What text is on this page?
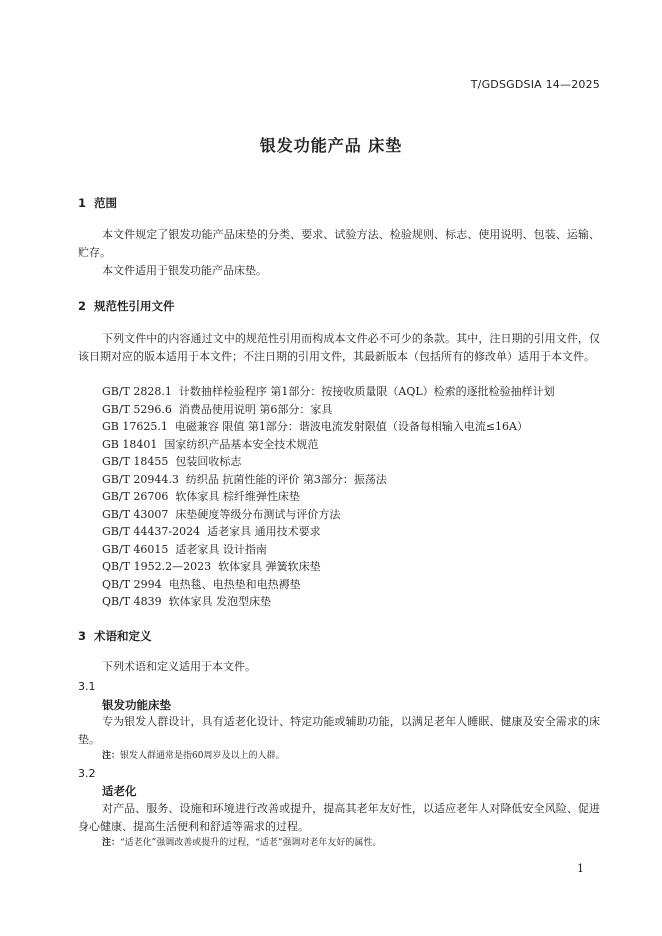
T/GDSGDSIA 14—2025
银发功能产品 床垫
1 范围
本文件规定了银发功能产品床垫的分类、要求、试验方法、检验规则、标志、使用说明、包装、运输、贮存。
本文件适用于银发功能产品床垫。
2 规范性引用文件
下列文件中的内容通过文中的规范性引用而构成本文件必不可少的条款。其中，注日期的引用文件，仅该日期对应的版本适用于本文件；不注日期的引用文件，其最新版本（包括所有的修改单）适用于本文件。
GB/T 2828.1  计数抽样检验程序 第1部分：按接收质量限（AQL）检索的逐批检验抽样计划
GB/T 5296.6  消费品使用说明 第6部分：家具
GB 17625.1  电磁兼容 限值 第1部分：谐波电流发射限值（设备每相输入电流≤16A）
GB 18401  国家纺织产品基本安全技术规范
GB/T 18455  包装回收标志
GB/T 20944.3  纺织品 抗菌性能的评价 第3部分：振荡法
GB/T 26706  软体家具 棕纤维弹性床垫
GB/T 43007  床垫硬度等级分布测试与评价方法
GB/T 44437-2024  适老家具 通用技术要求
GB/T 46015  适老家具 设计指南
QB/T 1952.2—2023  软体家具 弹簧软床垫
QB/T 2994  电热毯、电热垫和电热褥垫
QB/T 4839  软体家具 发泡型床垫
3 术语和定义
下列术语和定义适用于本文件。
3.1
银发功能床垫
专为银发人群设计，具有适老化设计、特定功能或辅助功能，以满足老年人睡眠、健康及安全需求的床垫。
注：银发人群通常是指60周岁及以上的人群。
3.2
适老化
对产品、服务、设施和环境进行改善或提升，提高其老年友好性，以适应老年人对降低安全风险、促进身心健康、提高生活便利和舒适等需求的过程。
注：“适老化”强调改善或提升的过程，“适老”强调对老年友好的属性。
1
